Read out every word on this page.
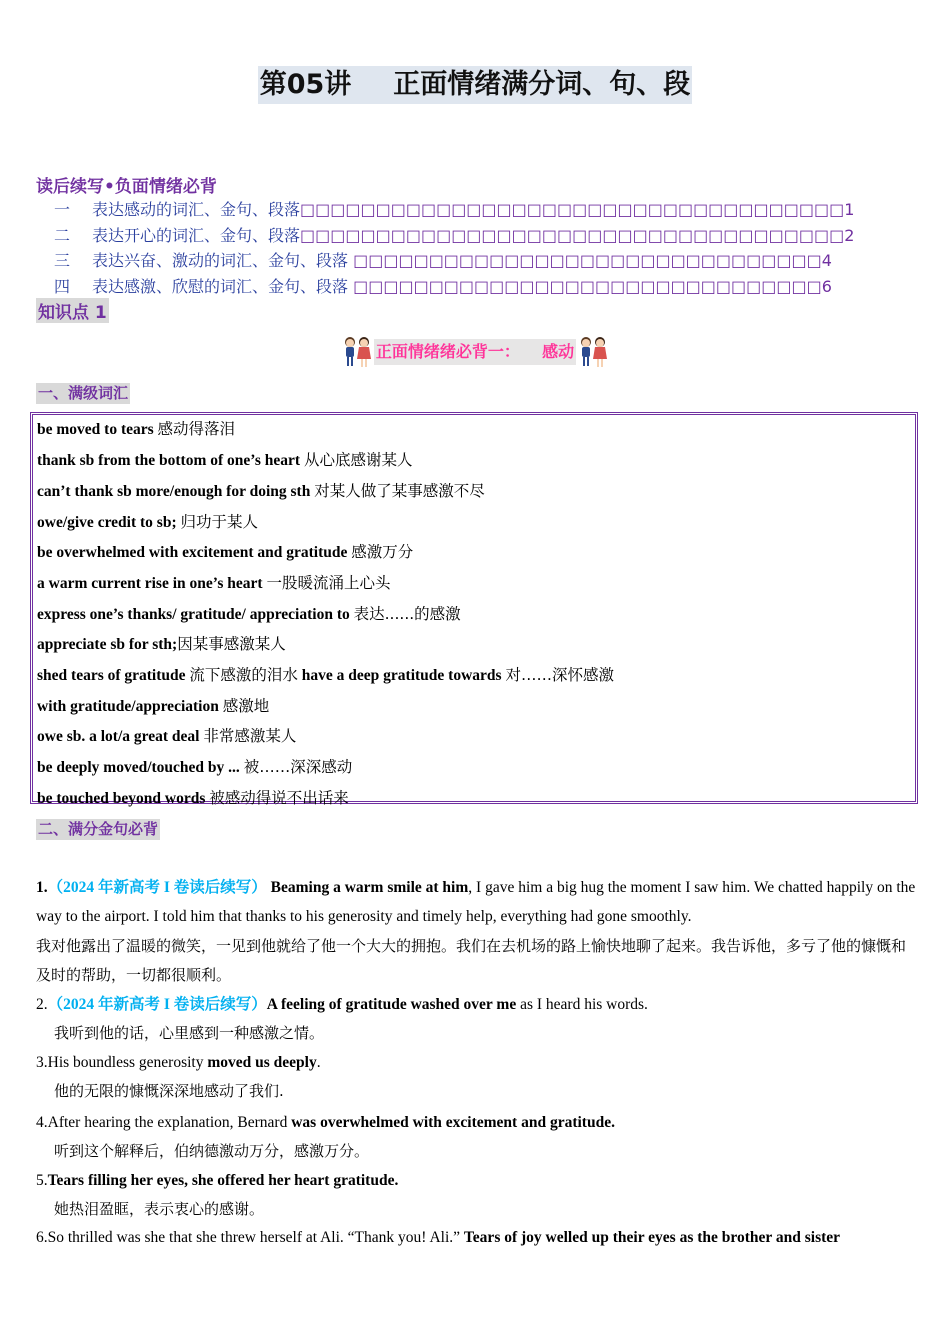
第05讲 正面情绪满分词、句、段
读后续写•负面情绪必背
一 表达感动的词汇、金句、段落□□□□□□□□□□□□□□□□□□□□□□□□□□□□□□□□□□□□1
二 表达开心的词汇、金句、段落□□□□□□□□□□□□□□□□□□□□□□□□□□□□□□□□□□□□2
三 表达兴奋、激动的词汇、金句、段落 □□□□□□□□□□□□□□□□□□□□□□□□□□□□□□□4
四 表达感激、欣慰的词汇、金句、段落 □□□□□□□□□□□□□□□□□□□□□□□□□□□□□□□6
知识点 1
正面情绪绪必背一： 感动
一、满级词汇
be moved to tears 感动得落泪
thank sb from the bottom of one’s heart 从心底感谢某人
can’t thank sb more/enough for doing sth 对某人做了某事感激不尽
owe/give credit to sb; 归功于某人
be overwhelmed with excitement and gratitude 感激万分
a warm current rise in one’s heart 一股暖流涌上心头
express one’s thanks/ gratitude/ appreciation to 表达......的感激
appreciate sb for sth;因某事感激某人
shed tears of gratitude 流下感激的泪水 have a deep gratitude towards 对……深怀感激
with gratitude/appreciation 感激地
owe sb. a lot/a great deal 非常感激某人
be deeply moved/touched by ... 被……深深感动
be touched beyond words 被感动得说不出话来
二、满分金句必背
1.（2024 年新高考 I 卷读后续写） Beaming a warm smile at him, I gave him a big hug the moment I saw him. We chatted happily on the way to the airport. I told him that thanks to his generosity and timely help, everything had gone smoothly.
我对他露出了温暖的微笑，一见到他就给了他一个大大的拥抱。我们在去机场的路上愉快地聊了起来。我告诉他，多亏了他的慷慨和及时的帮助，一切都很顺利。
2.（2024 年新高考 I 卷读后续写）A feeling of gratitude washed over me as I heard his words.
我听到他的话，心里感到一种感激之情。
3.His boundless generosity moved us deeply.
他的无限的慷慨深深地感动了我们.
4.After hearing the explanation, Bernard was overwhelmed with excitement and gratitude.
听到这个解释后，伯纳德激动万分，感激万分。
5.Tears filling her eyes, she offered her heart gratitude.
她热泪盈眶，表示衷心的感谢。
6.So thrilled was she that she threw herself at Ali. “Thank you! Ali.” Tears of joy welled up their eyes as the brother and sister
